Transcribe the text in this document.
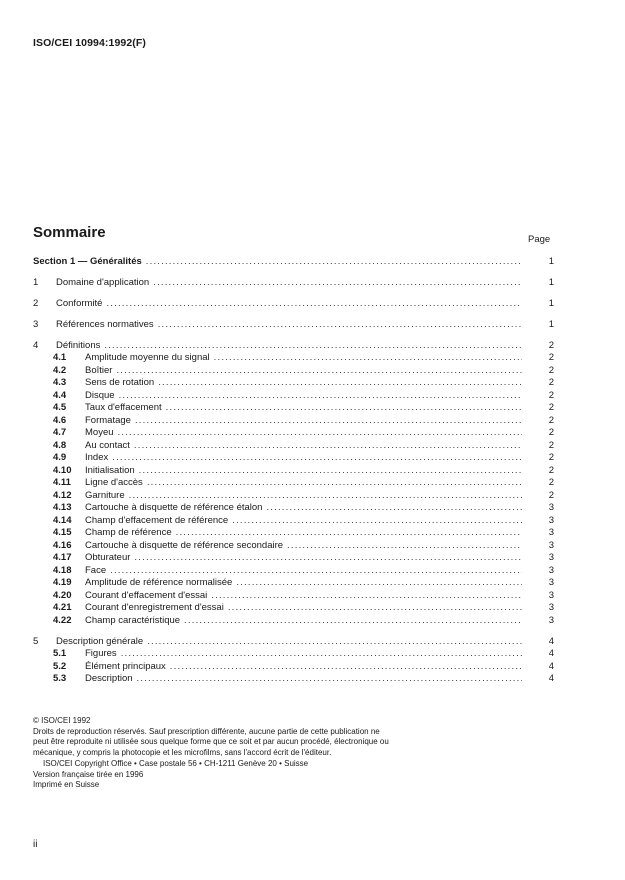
ISO/CEI 10994:1992(F)
Sommaire	Page
Section 1 — Généralités .....	1
1	Domaine d'application .....	1
2	Conformité .....	1
3	Références normatives .....	1
4	Définitions .....	2
4.1	Amplitude moyenne du signal .....	2
4.2	Boîtier .....	2
4.3	Sens de rotation .....	2
4.4	Disque .....	2
4.5	Taux d'effacement .....	2
4.6	Formatage .....	2
4.7	Moyeu .....	2
4.8	Au contact .....	2
4.9	Index .....	2
4.10	Initialisation .....	2
4.11	Ligne d'accès .....	2
4.12	Garniture .....	2
4.13	Cartouche à disquette de référence étalon .....	3
4.14	Champ d'effacement de référence .....	3
4.15	Champ de référence .....	3
4.16	Cartouche à disquette de référence secondaire .....	3
4.17	Obturateur .....	3
4.18	Face .....	3
4.19	Amplitude de référence normalisée .....	3
4.20	Courant d'effacement d'essai .....	3
4.21	Courant d'enregistrement d'essai .....	3
4.22	Champ caractéristique .....	3
5	Description générale .....	4
5.1	Figures .....	4
5.2	Élément principaux .....	4
5.3	Description .....	4

© ISO/CEI 1992

Droits de reproduction réservés. Sauf prescription différente, aucune partie de cette publication ne peut être reproduite ni utilisée sous quelque forme que ce soit et par aucun procédé, électronique ou mécanique, y compris la photocopie et les microfilms, sans l'accord écrit de l'éditeur.

ISO/CEI Copyright Office • Case postale 56 • CH-1211 Genève 20 • Suisse

Version française tirée en 1996

Imprimé en Suisse

ii
